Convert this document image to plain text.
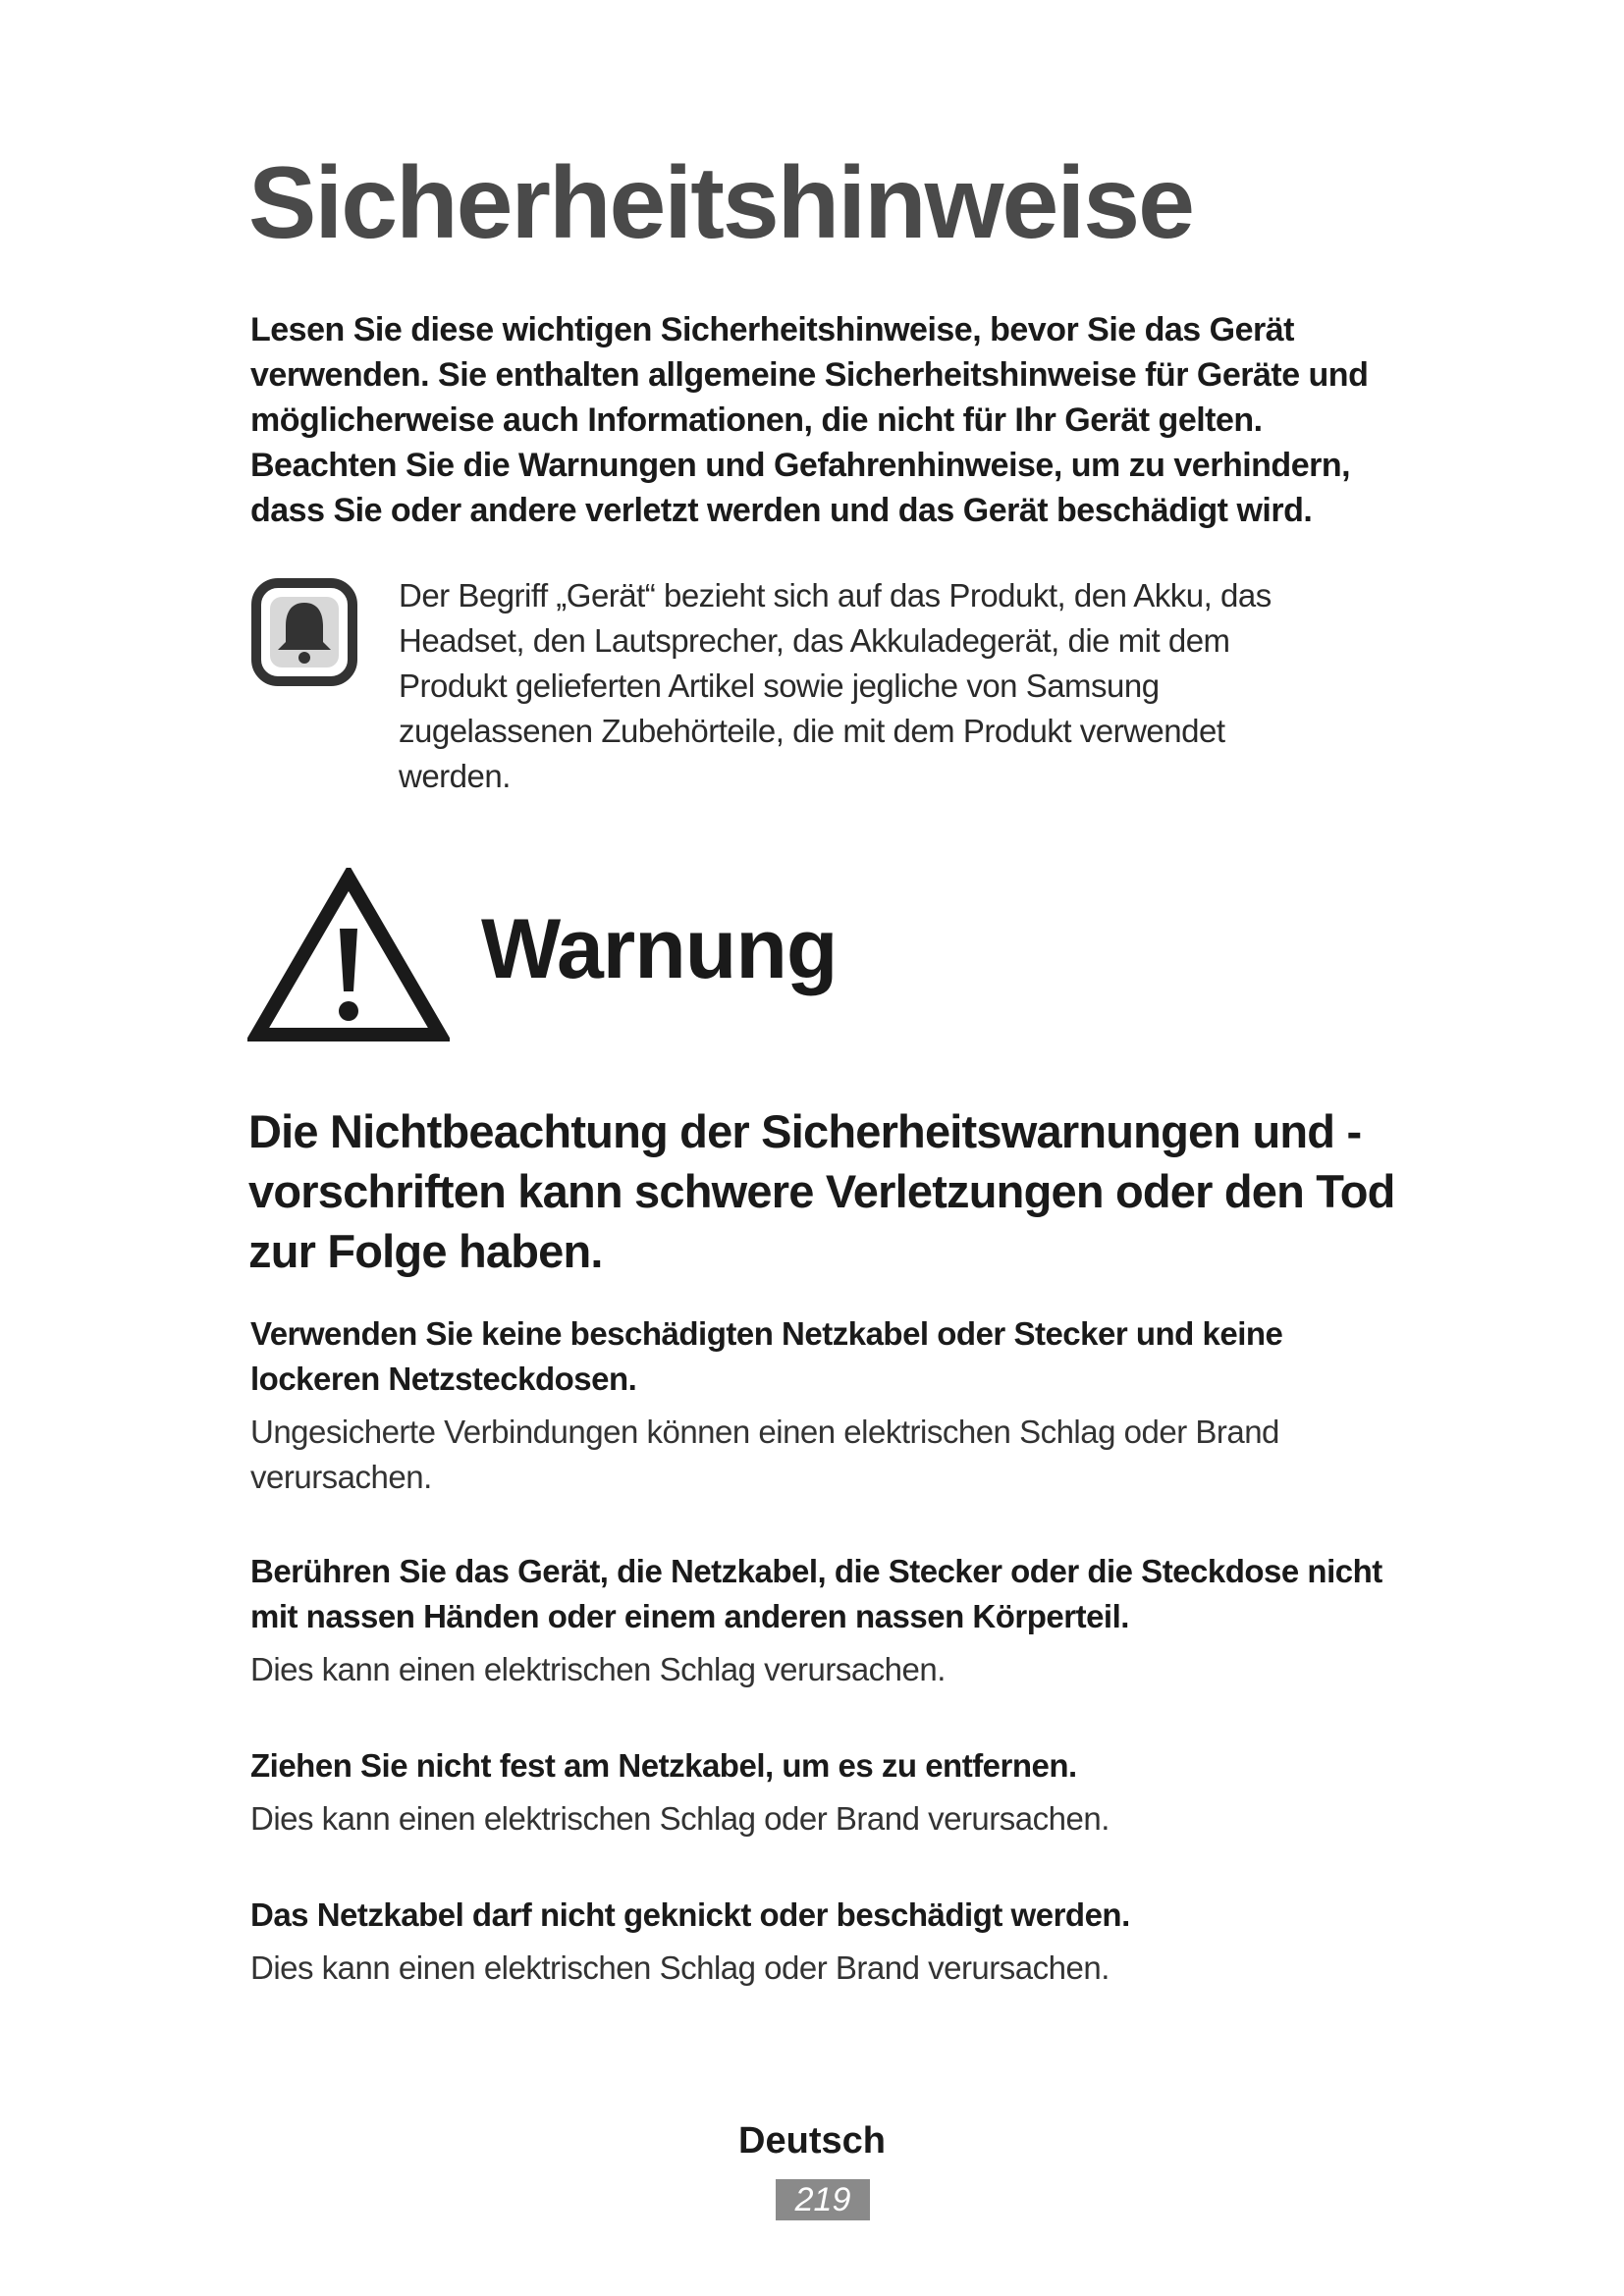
Sicherheitshinweise

Lesen Sie diese wichtigen Sicherheitshinweise, bevor Sie das Gerät verwenden. Sie enthalten allgemeine Sicherheitshinweise für Geräte und möglicherweise auch Informationen, die nicht für Ihr Gerät gelten. Beachten Sie die Warnungen und Gefahrenhinweise, um zu verhindern, dass Sie oder andere verletzt werden und das Gerät beschädigt wird.

Der Begriff „Gerät“ bezieht sich auf das Produkt, den Akku, das Headset, den Lautsprecher, das Akkuladegerät, die mit dem Produkt gelieferten Artikel sowie jegliche von Samsung zugelassenen Zubehörteile, die mit dem Produkt verwendet werden.

Warnung

Die Nichtbeachtung der Sicherheitswarnungen und -vorschriften kann schwere Verletzungen oder den Tod zur Folge haben.

Verwenden Sie keine beschädigten Netzkabel oder Stecker und keine lockeren Netzsteckdosen.

Ungesicherte Verbindungen können einen elektrischen Schlag oder Brand verursachen.

Berühren Sie das Gerät, die Netzkabel, die Stecker oder die Steckdose nicht mit nassen Händen oder einem anderen nassen Körperteil.

Dies kann einen elektrischen Schlag verursachen.

Ziehen Sie nicht fest am Netzkabel, um es zu entfernen.

Dies kann einen elektrischen Schlag oder Brand verursachen.

Das Netzkabel darf nicht geknickt oder beschädigt werden.

Dies kann einen elektrischen Schlag oder Brand verursachen.

Deutsch

219
